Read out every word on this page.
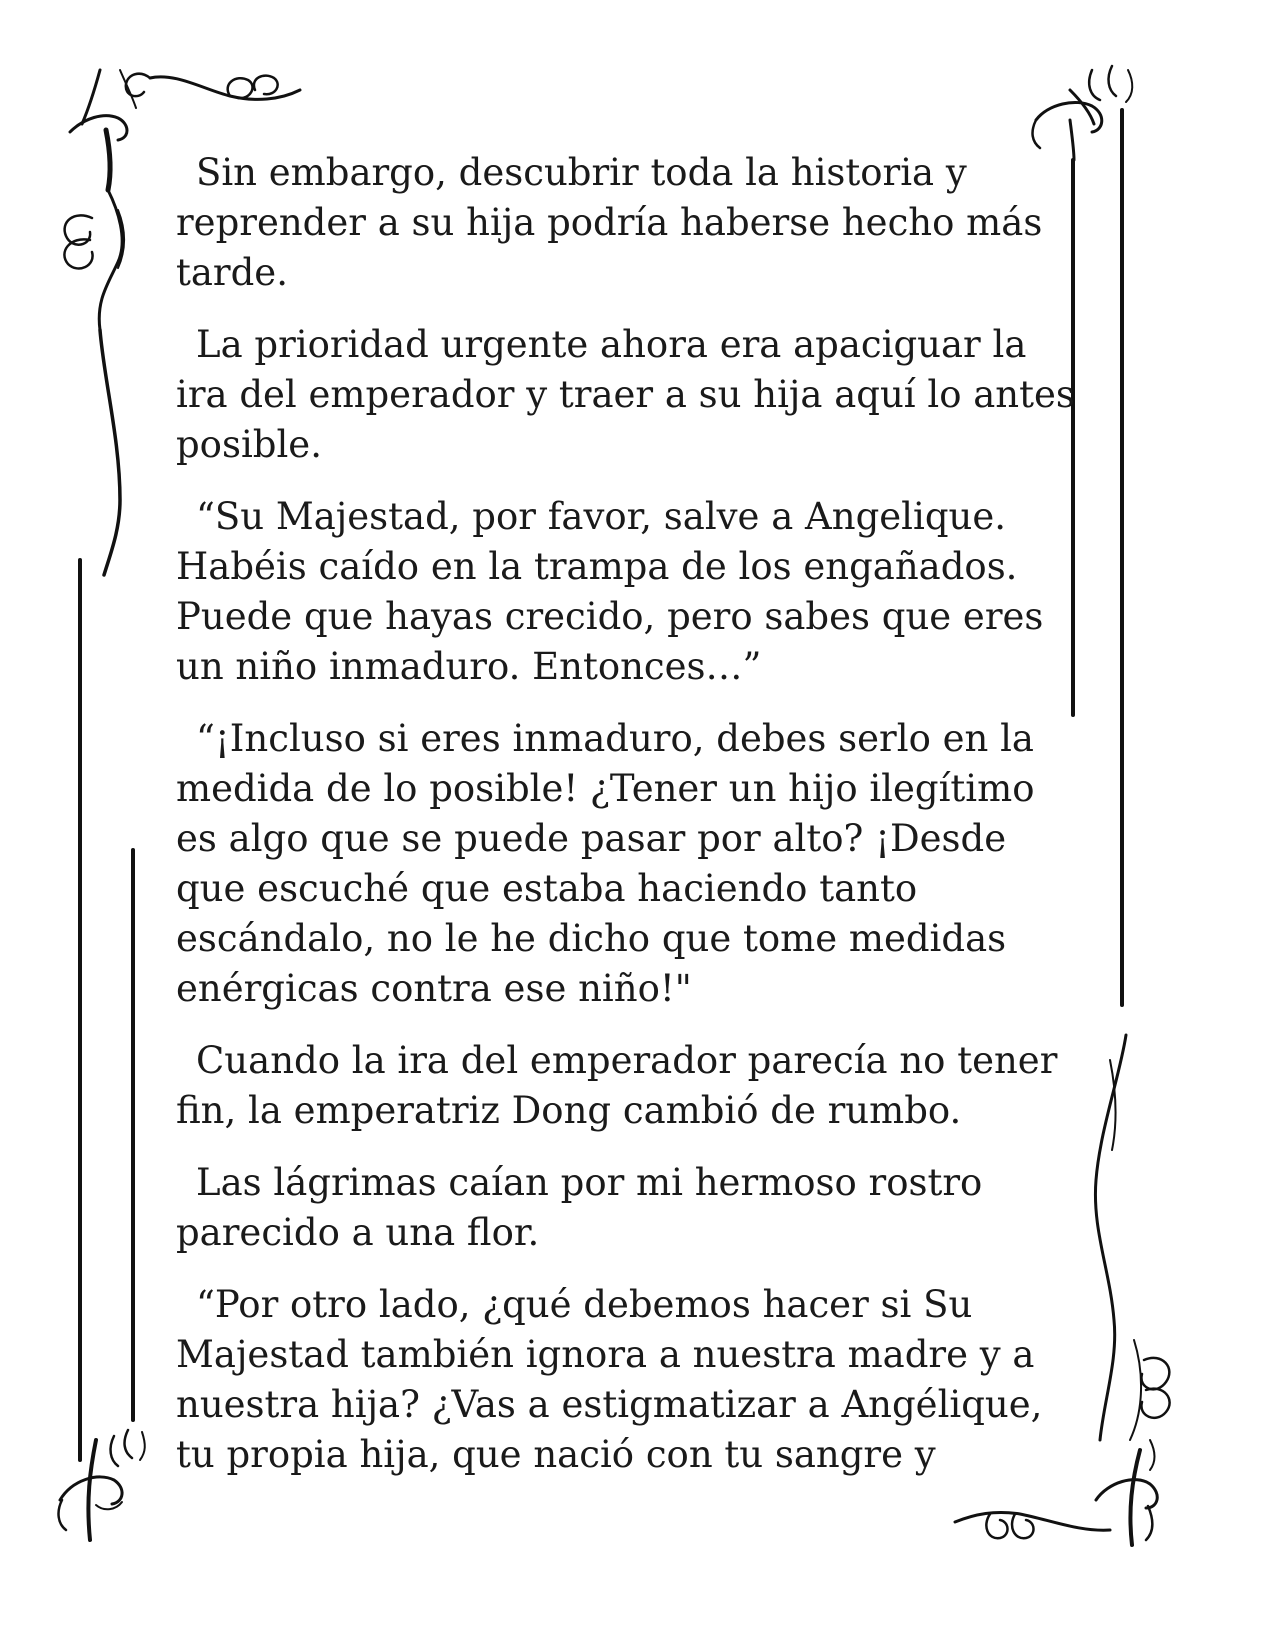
Sin embargo, descubrir toda la historia y reprender a su hija podría haberse hecho más tarde.

La prioridad urgente ahora era apaciguar la ira del emperador y traer a su hija aquí lo antes posible.

“Su Majestad, por favor, salve a Angelique. Habéis caído en la trampa de los engañados. Puede que hayas crecido, pero sabes que eres un niño inmaduro. Entonces…”

“¡Incluso si eres inmaduro, debes serlo en la medida de lo posible! ¿Tener un hijo ilegítimo es algo que se puede pasar por alto? ¡Desde que escuché que estaba haciendo tanto escándalo, no le he dicho que tome medidas enérgicas contra ese niño!"

Cuando la ira del emperador parecía no tener fin, la emperatriz Dong cambió de rumbo.

Las lágrimas caían por mi hermoso rostro parecido a una flor.

“Por otro lado, ¿qué debemos hacer si Su Majestad también ignora a nuestra madre y a nuestra hija? ¿Vas a estigmatizar a Angélique, tu propia hija, que nació con tu sangre y
